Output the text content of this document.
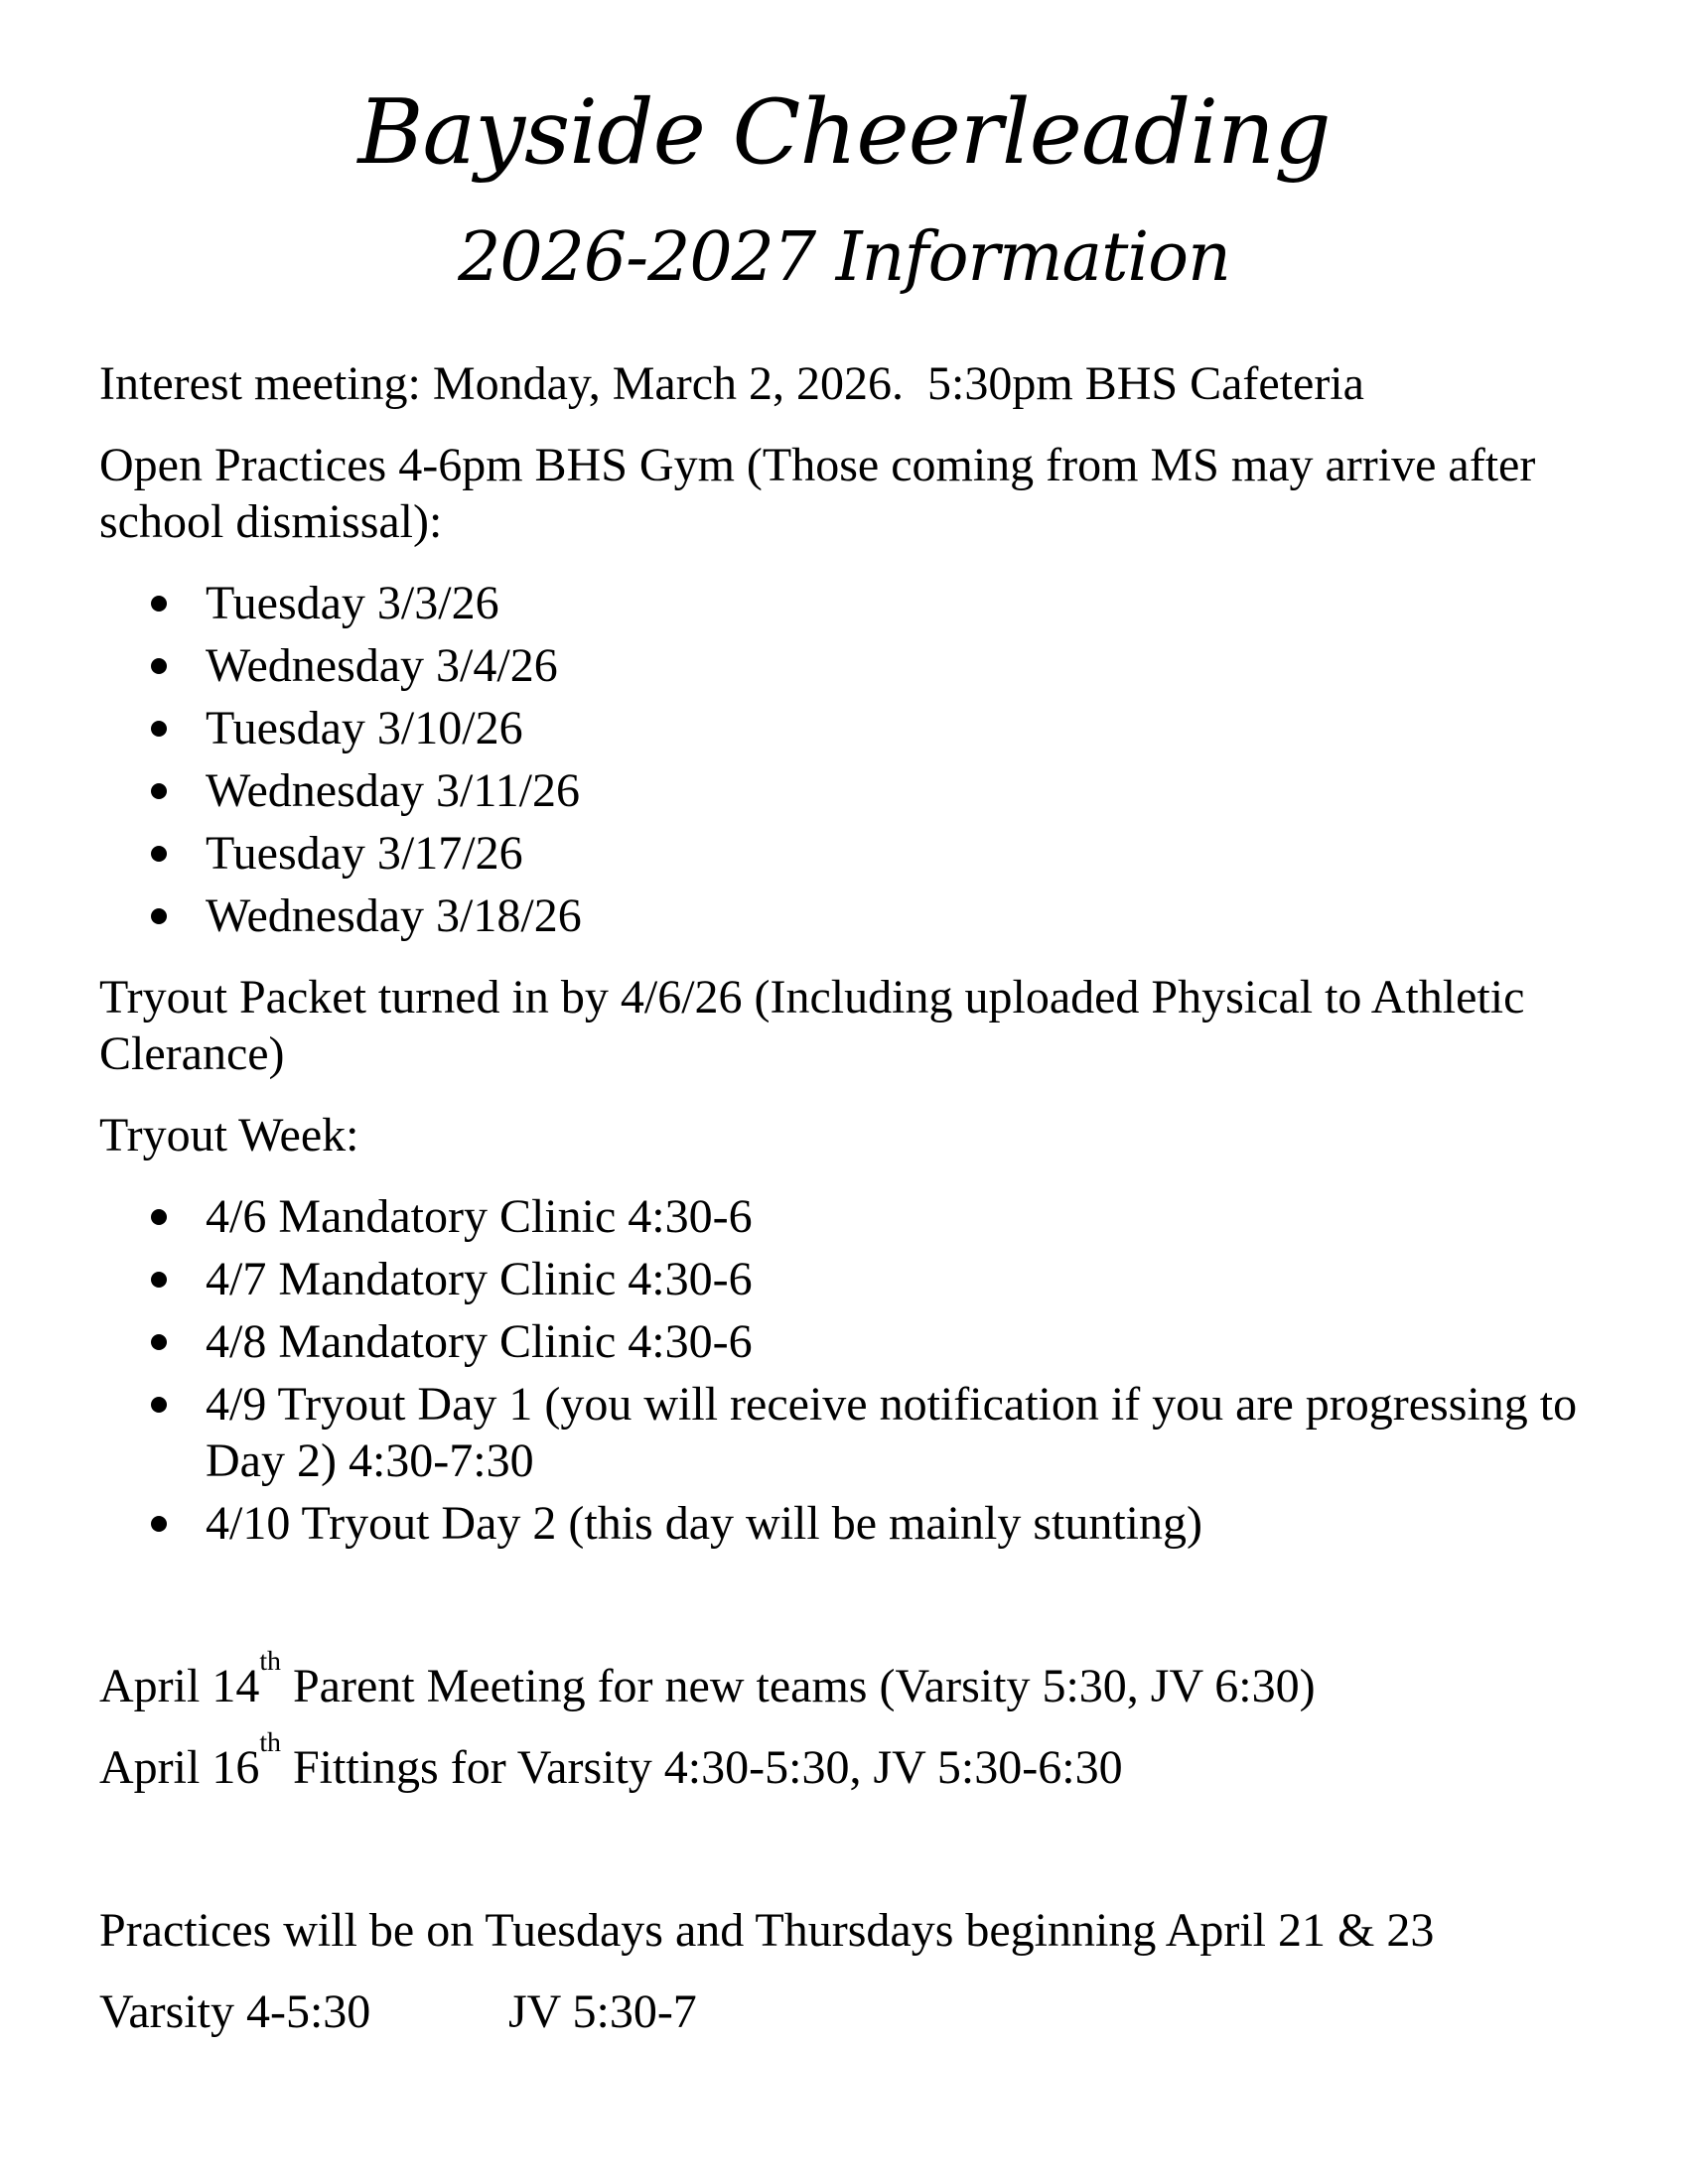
Bayside Cheerleading
2026-2027 Information

Interest meeting: Monday, March 2, 2026.  5:30pm BHS Cafeteria

Open Practices 4-6pm BHS Gym (Those coming from MS may arrive after school dismissal):

Tuesday 3/3/26
Wednesday 3/4/26
Tuesday 3/10/26
Wednesday 3/11/26
Tuesday 3/17/26
Wednesday 3/18/26

Tryout Packet turned in by 4/6/26 (Including uploaded Physical to Athletic Clerance)

Tryout Week:

4/6 Mandatory Clinic 4:30-6
4/7 Mandatory Clinic 4:30-6
4/8 Mandatory Clinic 4:30-6
4/9 Tryout Day 1 (you will receive notification if you are progressing to Day 2) 4:30-7:30
4/10 Tryout Day 2 (this day will be mainly stunting)

April 14th Parent Meeting for new teams (Varsity 5:30, JV 6:30)

April 16th Fittings for Varsity 4:30-5:30, JV 5:30-6:30

Practices will be on Tuesdays and Thursdays beginning April 21 & 23

Varsity 4-5:30	JV 5:30-7
